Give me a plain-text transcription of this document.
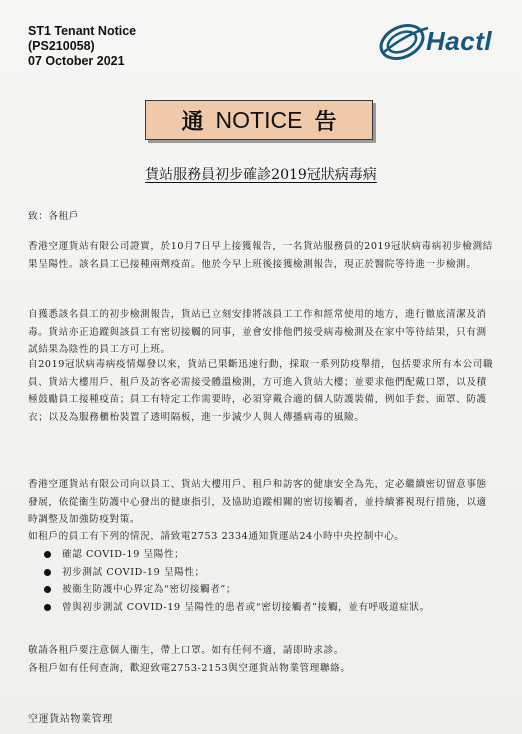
ST1 Tenant Notice
(PS210058)
07 October 2021
Hactl
通 NOTICE 告
貨站服務員初步確診2019冠狀病毒病
致：各租戶
香港空運貨站有限公司證實，於10月7日早上接獲報告，一名貨站服務員的2019冠狀病毒病初步檢測結果呈陽性。該名員工已接種兩劑疫苗。他於今早上班後接獲檢測報告，現正於醫院等待進一步檢測。
自獲悉該名員工的初步檢測報告，貨站已立刻安排將該員工工作和經常使用的地方，進行徹底清潔及消毒。貨站亦正追蹤與該員工有密切接觸的同事，並會安排他們接受病毒檢測及在家中等待結果，只有測試結果為陰性的員工方可上班。
自2019冠狀病毒病疫情爆發以來，貨站已果斷迅速行動，採取一系列防疫舉措，包括要求所有本公司職員、貨站大樓用戶、租戶及訪客必需接受體溫檢測，方可進入貨站大樓；並要求他們配戴口罩，以及積極鼓勵員工接種疫苗；員工有特定工作需要時，必須穿戴合適的個人防護裝備，例如手套、面罩、防護衣；以及為服務櫃枱裝置了透明隔板，進一步減少人與人傳播病毒的風險。
香港空運貨站有限公司向以員工、貨站大樓用戶、租戶和訪客的健康安全為先，定必繼續密切留意事態發展，依從衞生防護中心發出的健康指引，及協助追蹤相關的密切接觸者，並持續審視現行措施，以適時調整及加強防疫對策。
如租戶的員工有下列的情況，請致電2753 2334通知貨運站24小時中央控制中心。
確認 COVID-19 呈陽性；
初步測試 COVID-19 呈陽性；
被衞生防護中心界定為“密切接觸者”；
曾與初步測試 COVID-19 呈陽性的患者或“密切接觸者”接觸，並有呼吸道症狀。
敬請各租戶要注意個人衞生，帶上口罩。如有任何不適，請即時求診。
各租戶如有任何查詢，歡迎致電2753-2153與空運貨站物業管理聯絡。
空運貨站物業管理
